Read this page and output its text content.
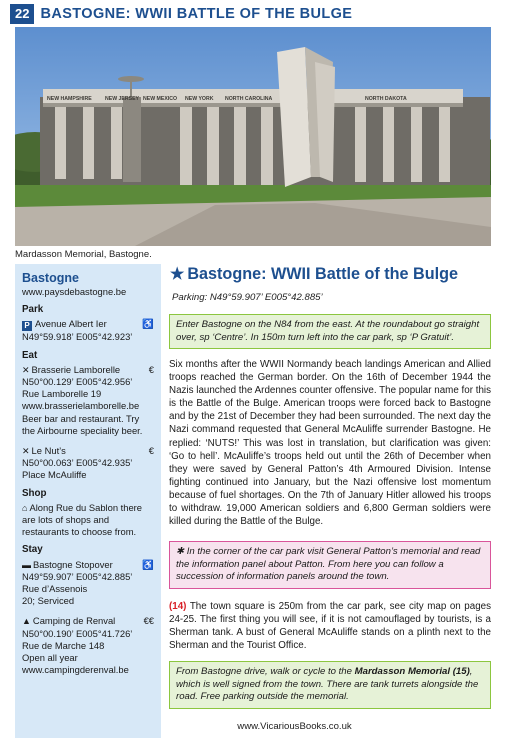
22 BASTOGNE: WWII BATTLE OF THE BULGE
NEW HAMPSHIRE	NEW JERSEY NEW MEXICO NEW YORK NORTH CAROLINA	NORTH DAKOTA
Mardasson Memorial, Bastogne.
Bastogne
www.paysdebastogne.be
Park
P Avenue Albert Ier	♿
N49°59.918’ E005°42.923’
Eat
✕ Brasserie Lamborelle	€
N50°00.129’ E005°42.956’
Rue Lamborelle 19
www.brasserielamborelle.be
Beer bar and restaurant. Try the Airbourne speciality beer.
✕ Le Nut’s	€
N50°00.063’ E005°42.935’
Place McAuliffe
Shop
⌂ Along Rue du Sablon there are lots of shops and restaurants to choose from.
Stay
▬ Bastogne Stopover	♿
N49°59.907’ E005°42.885’
Rue d’Assenois
20; Serviced
▲ Camping de Renval	€€
N50°00.190’ E005°41.726’
Rue de Marche 148
Open all year
www.campingderenval.be
★ Bastogne: WWII Battle of the Bulge
Parking: N49°59.907’ E005°42.885’
Enter Bastogne on the N84 from the east. At the roundabout go straight over, sp ‘Centre’. In 150m turn left into the car park, sp ‘P Gratuit’.
Six months after the WWII Normandy beach landings American and Allied troops reached the German border. On the 16th of December 1944 the Nazis launched the Ardennes counter offensive. The popular name for this is the Battle of the Bulge. American troops were forced back to Bastogne and by the 21st of December they had been surrounded. The next day the Nazi command requested that General McAuliffe surrender Bastogne. He replied: ‘NUTS!’ This was lost in translation, but clarification was given: ‘Go to hell’. McAuliffe’s troops held out until the 26th of December when they were saved by General Patton’s 4th Armoured Division. Intense fighting continued into January, but the Nazi offensive lost momentum because of fuel shortages. On the 7th of January Hitler allowed his troops to withdraw. 19,000 American soldiers and 6,800 German soldiers were killed during the Battle of the Bulge.
✱ In the corner of the car park visit General Patton’s memorial and read the information panel about Patton. From here you can follow a succession of information panels around the town.
(14) The town square is 250m from the car park, see city map on pages 24-25. The first thing you will see, if it is not camouflaged by tourists, is a Sherman tank. A bust of General McAuliffe stands on a plinth next to the Sherman and the Tourist Office.
From Bastogne drive, walk or cycle to the Mardasson Memorial (15), which is well signed from the town. There are tank turrets alongside the road. Free parking outside the memorial.
www.VicariousBooks.co.uk
